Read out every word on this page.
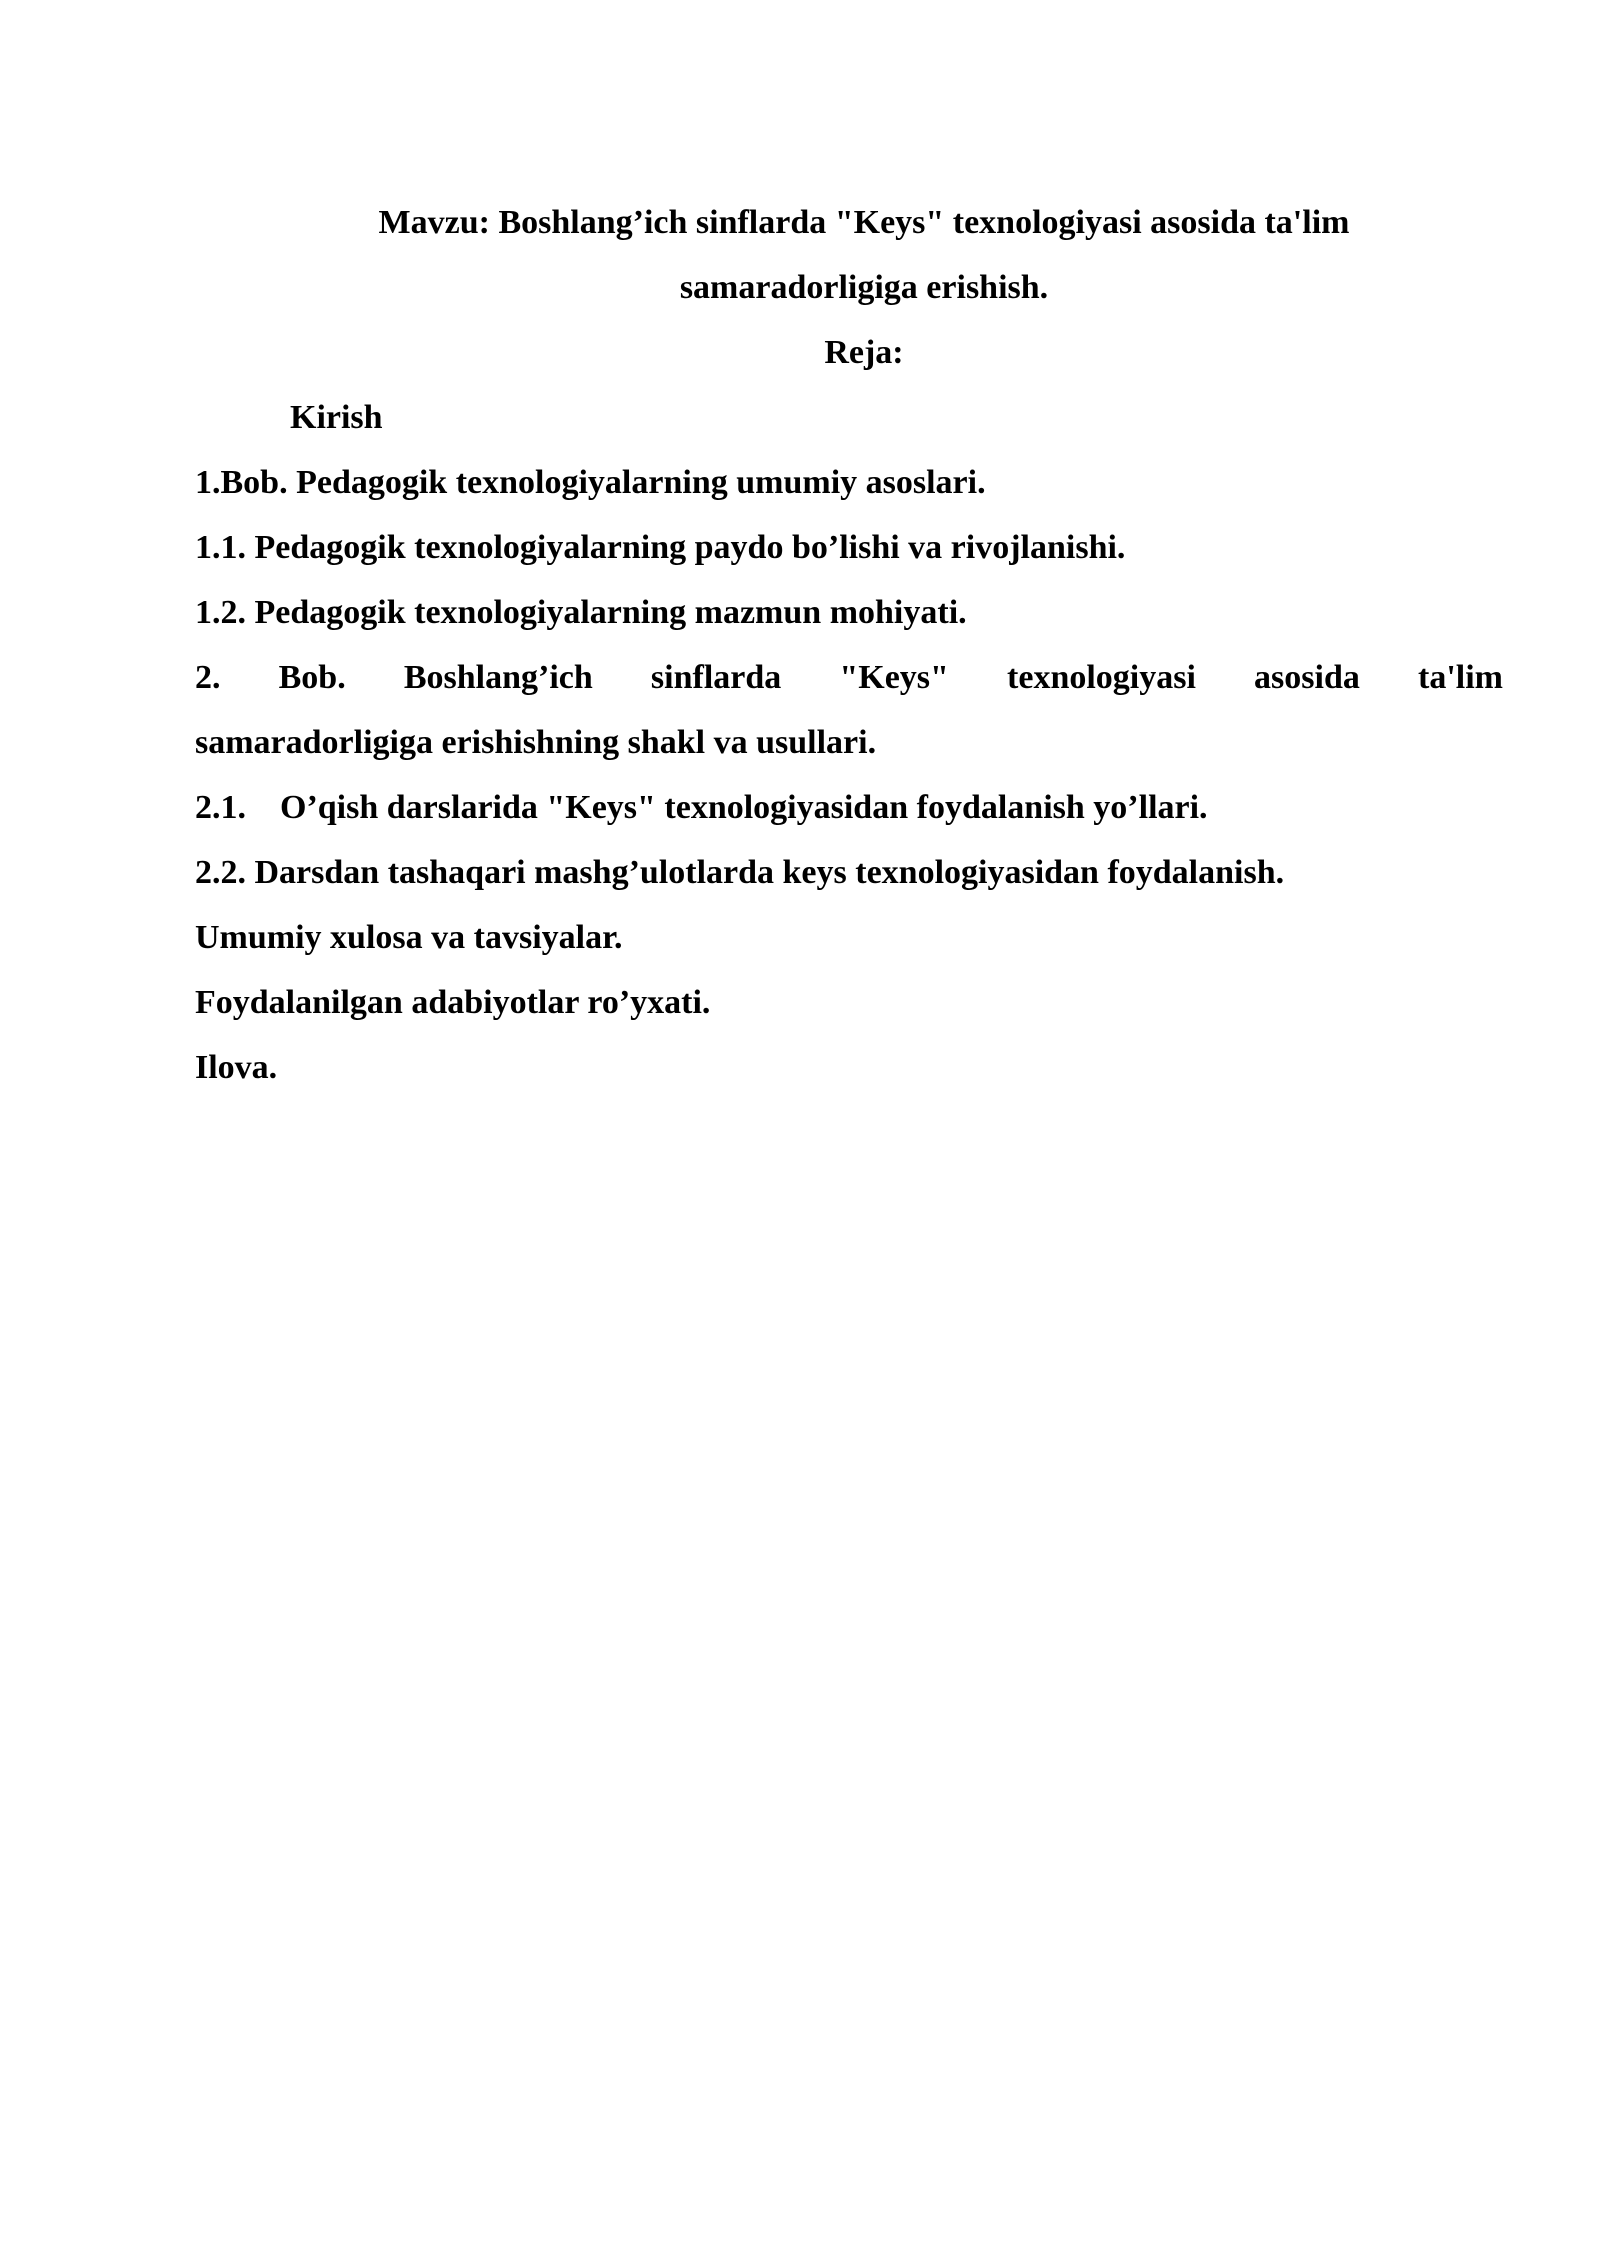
Mavzu: Boshlang’ich sinflarda "Keys" texnologiyasi asosida ta'lim
samaradorligiga erishish.
Reja:
Kirish
1.Bob. Pedagogik texnologiyalarning umumiy asoslari.
1.1. Pedagogik texnologiyalarning paydo bo’lishi va rivojlanishi.
1.2. Pedagogik texnologiyalarning mazmun mohiyati.
2. Bob. Boshlang’ich sinflarda "Keys" texnologiyasi asosida ta'lim
samaradorligiga erishishning shakl va usullari.
2.1. O’qish darslarida "Keys" texnologiyasidan foydalanish yo’llari.
2.2. Darsdan tashaqari mashg’ulotlarda keys texnologiyasidan foydalanish.
Umumiy xulosa va tavsiyalar.
Foydalanilgan adabiyotlar ro’yxati.
Ilova.
